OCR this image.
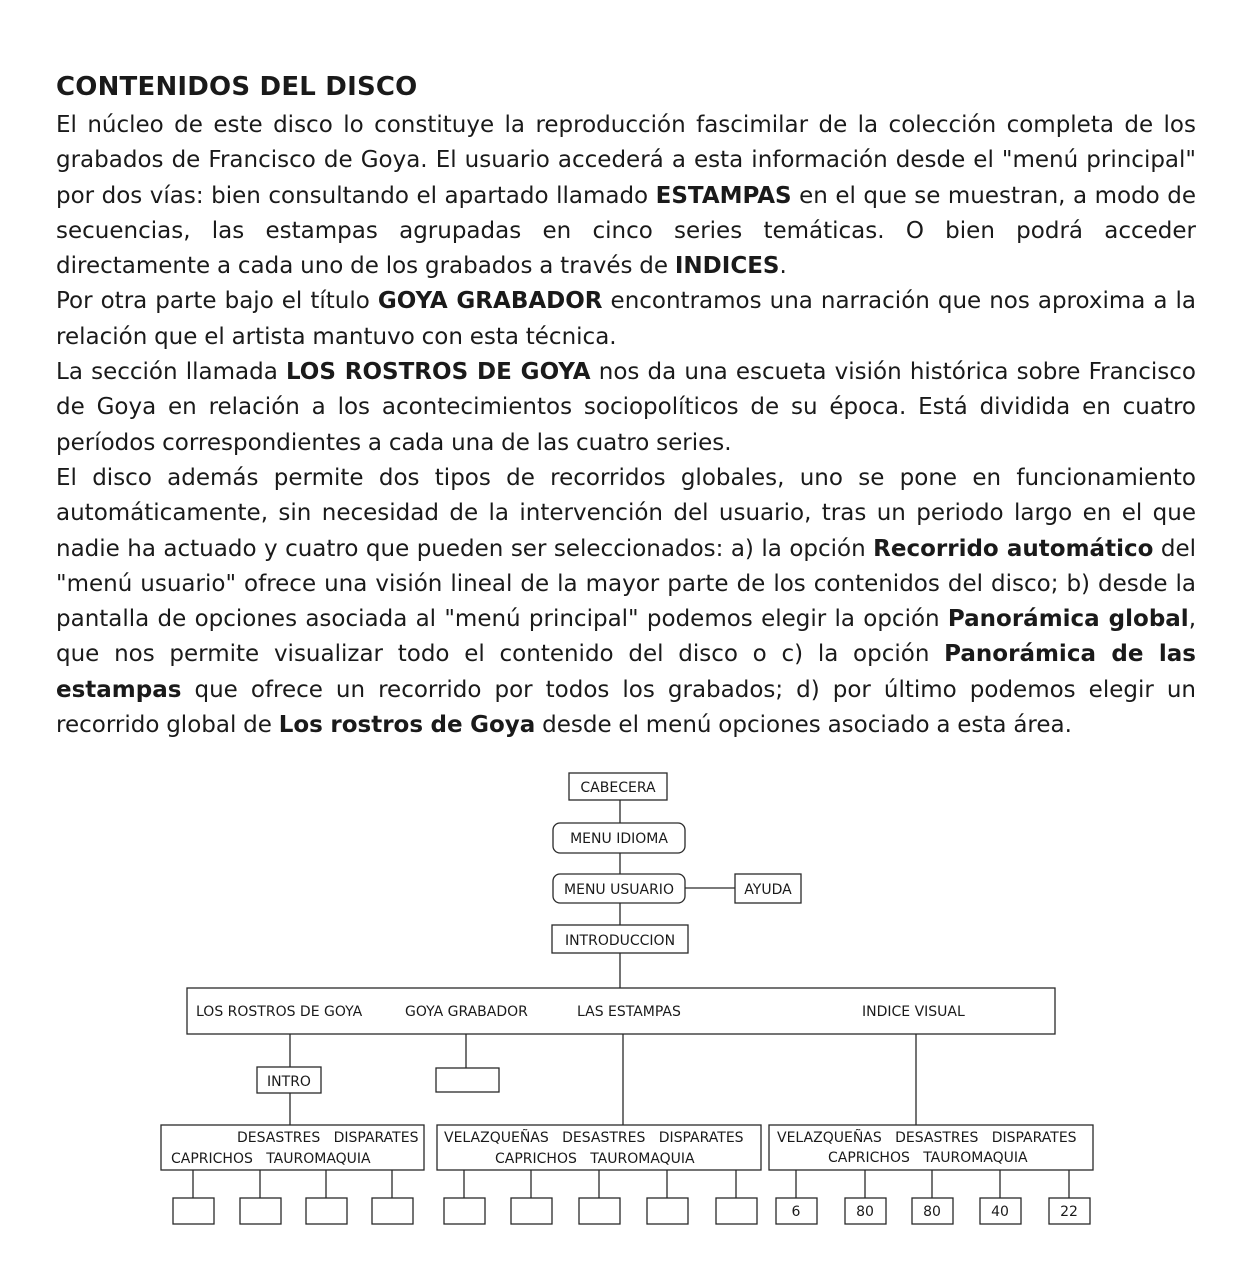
CONTENIDOS DEL DISCO

El núcleo de este disco lo constituye la reproducción fascimilar de la colección completa de los grabados de Francisco de Goya. El usuario accederá a esta información desde el "menú principal" por dos vías: bien consultando el apartado llamado ESTAMPAS en el que se muestran, a modo de secuencias, las estampas agrupadas en cinco series temáticas. O bien podrá acceder directamente a cada uno de los grabados a través de INDICES.

Por otra parte bajo el título GOYA GRABADOR encontramos una narración que nos aproxima a la relación que el artista mantuvo con esta técnica.

La sección llamada LOS ROSTROS DE GOYA nos da una escueta visión histórica sobre Francisco de Goya en relación a los acontecimientos sociopolíticos de su época. Está dividida en cuatro períodos correspondientes a cada una de las cuatro series.

El disco además permite dos tipos de recorridos globales, uno se pone en funcionamiento automáticamente, sin necesidad de la intervención del usuario, tras un periodo largo en el que nadie ha actuado y cuatro que pueden ser seleccionados: a) la opción Recorrido automático del "menú usuario" ofrece una visión lineal de la mayor parte de los contenidos del disco; b) desde la pantalla de opciones asociada al "menú principal" podemos elegir la opción Panorámica global, que nos permite visualizar todo el contenido del disco o c) la opción Panorámica de las estampas que ofrece un recorrido por todos los grabados; d) por último podemos elegir un recorrido global de Los rostros de Goya desde el menú opciones asociado a esta área.

CABECERA
MENU IDIOMA
MENU USUARIO	AYUDA
INTRODUCCION
LOS ROSTROS DE GOYA	GOYA GRABADOR	LAS ESTAMPAS	INDICE VISUAL
INTRO
DESASTRES   DISPARATES
CAPRICHOS   TAUROMAQUIA
VELAZQUEÑAS   DESASTRES   DISPARATES
CAPRICHOS   TAUROMAQUIA
VELAZQUEÑAS   DESASTRES   DISPARATES
CAPRICHOS   TAUROMAQUIA
6	80	80	40	22
